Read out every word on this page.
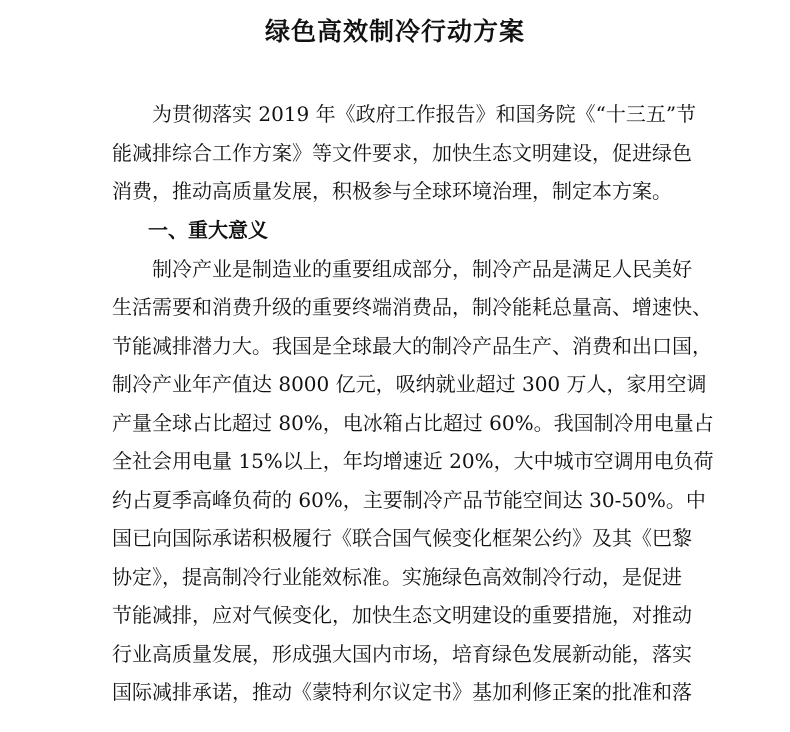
绿色高效制冷行动方案
为贯彻落实 2019 年《政府工作报告》和国务院《“十三五”节
能减排综合工作方案》等文件要求，加快生态文明建设，促进绿色
消费，推动高质量发展，积极参与全球环境治理，制定本方案。
一、重大意义
制冷产业是制造业的重要组成部分，制冷产品是满足人民美好
生活需要和消费升级的重要终端消费品，制冷能耗总量高、增速快、
节能减排潜力大。我国是全球最大的制冷产品生产、消费和出口国，
制冷产业年产值达 8000 亿元，吸纳就业超过 300 万人，家用空调
产量全球占比超过 80%，电冰箱占比超过 60%。我国制冷用电量占
全社会用电量 15%以上，年均增速近 20%，大中城市空调用电负荷
约占夏季高峰负荷的 60%，主要制冷产品节能空间达 30-50%。中
国已向国际承诺积极履行《联合国气候变化框架公约》及其《巴黎
协定》，提高制冷行业能效标准。实施绿色高效制冷行动，是促进
节能减排，应对气候变化，加快生态文明建设的重要措施，对推动
行业高质量发展，形成强大国内市场，培育绿色发展新动能，落实
国际减排承诺，推动《蒙特利尔议定书》基加利修正案的批准和落
